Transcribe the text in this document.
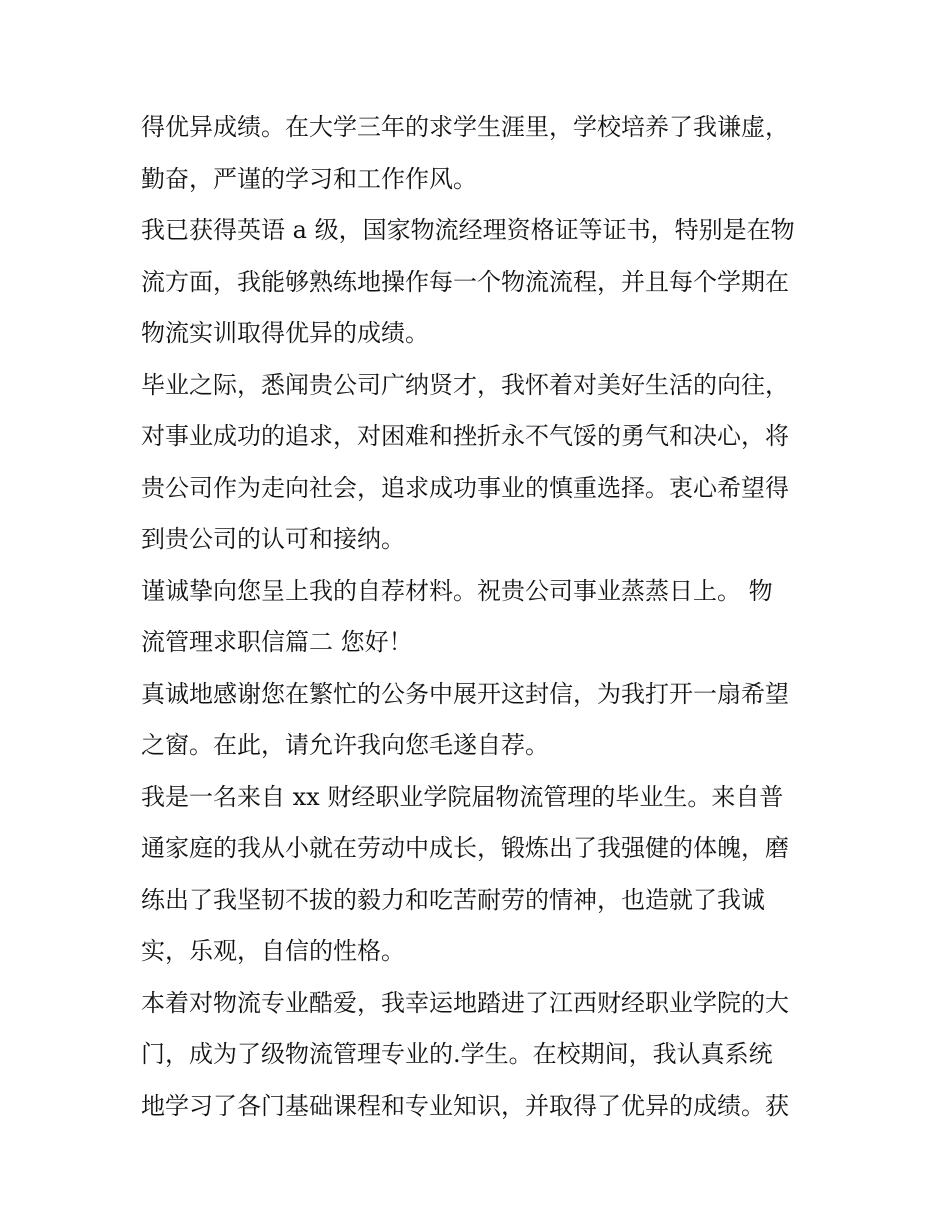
得优异成绩。在大学三年的求学生涯里，学校培养了我谦虚，
勤奋，严谨的学习和工作作风。
我已获得英语 a 级，国家物流经理资格证等证书，特别是在物
流方面，我能够熟练地操作每一个物流流程，并且每个学期在
物流实训取得优异的成绩。
毕业之际，悉闻贵公司广纳贤才，我怀着对美好生活的向往，
对事业成功的追求，对困难和挫折永不气馁的勇气和决心，将
贵公司作为走向社会，追求成功事业的慎重选择。衷心希望得
到贵公司的认可和接纳。
谨诚挚向您呈上我的自荐材料。祝贵公司事业蒸蒸日上。 物
流管理求职信篇二 您好！
真诚地感谢您在繁忙的公务中展开这封信，为我打开一扇希望
之窗。在此，请允许我向您毛遂自荐。
我是一名来自 xx 财经职业学院届物流管理的毕业生。来自普
通家庭的我从小就在劳动中成长，锻炼出了我强健的体魄，磨
练出了我坚韧不拔的毅力和吃苦耐劳的情神，也造就了我诚
实，乐观，自信的性格。
本着对物流专业酷爱，我幸运地踏进了江西财经职业学院的大
门，成为了级物流管理专业的.学生。在校期间，我认真系统
地学习了各门基础课程和专业知识，并取得了优异的成绩。获
